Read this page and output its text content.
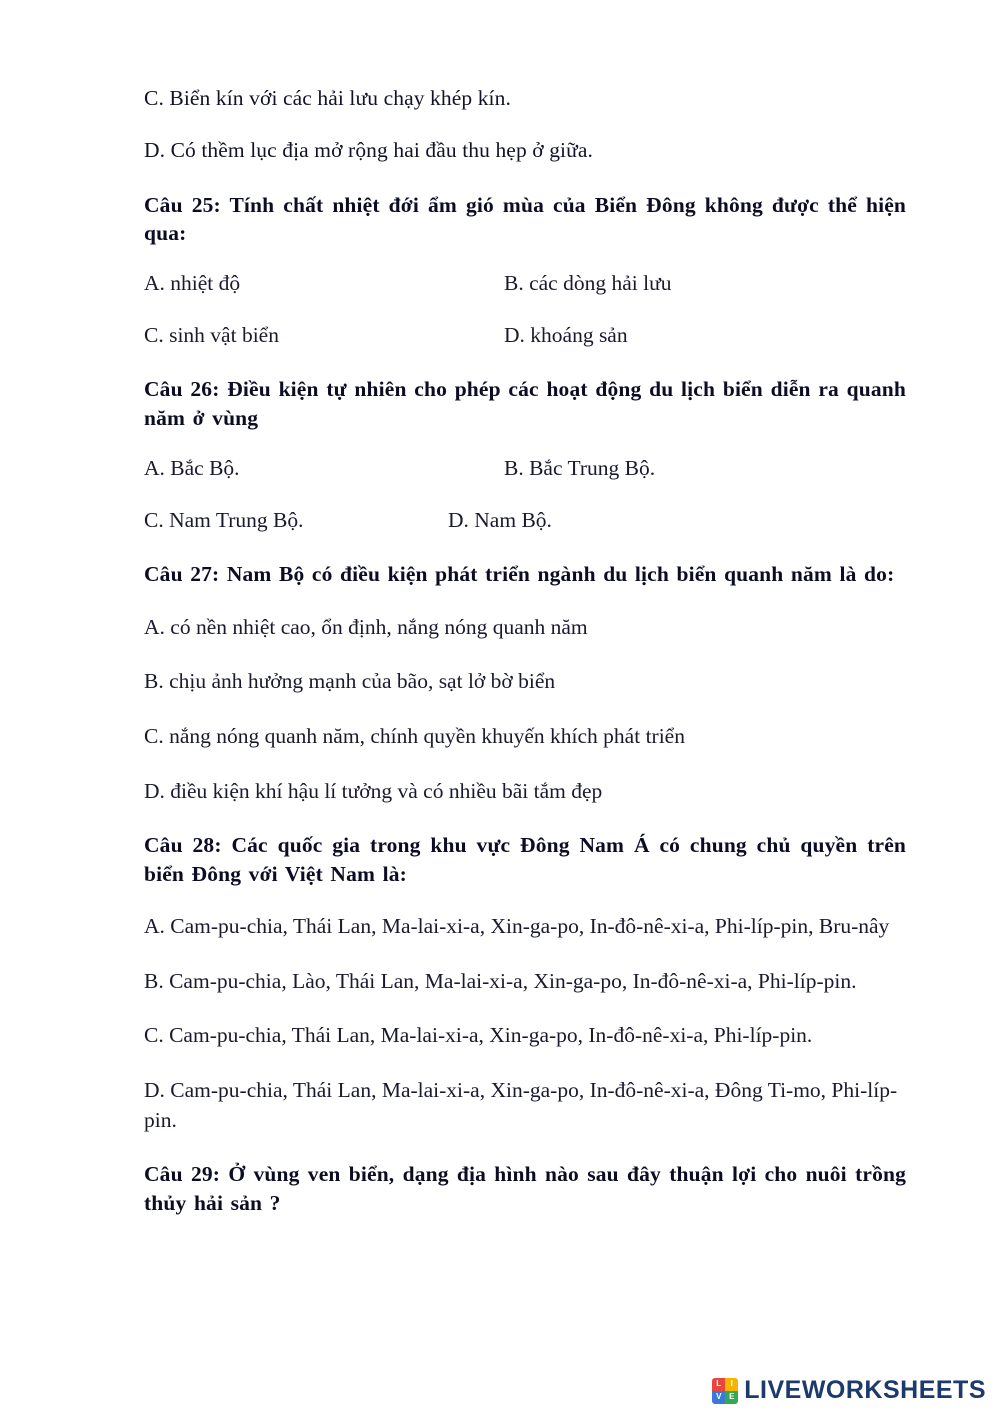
C. Biển kín với các hải lưu chạy khép kín.

D. Có thềm lục địa mở rộng hai đầu thu hẹp ở giữa.

Câu 25: Tính chất nhiệt đới ẩm gió mùa của Biển Đông không được thể hiện qua:

A. nhiệt độ	B. các dòng hải lưu
C. sinh vật biển	D. khoáng sản

Câu 26: Điều kiện tự nhiên cho phép các hoạt động du lịch biển diễn ra quanh năm ở vùng

A. Bắc Bộ.	B. Bắc Trung Bộ.
C. Nam Trung Bộ.	D. Nam Bộ.

Câu 27: Nam Bộ có điều kiện phát triển ngành du lịch biển quanh năm là do:

A. có nền nhiệt cao, ổn định, nắng nóng quanh năm

B. chịu ảnh hưởng mạnh của bão, sạt lở bờ biển

C. nắng nóng quanh năm, chính quyền khuyến khích phát triển

D. điều kiện khí hậu lí tưởng và có nhiều bãi tắm đẹp

Câu 28: Các quốc gia trong khu vực Đông Nam Á có chung chủ quyền trên biển Đông với Việt Nam là:

A. Cam-pu-chia, Thái Lan, Ma-lai-xi-a, Xin-ga-po, In-đô-nê-xi-a, Phi-líp-pin, Bru-nây

B. Cam-pu-chia, Lào, Thái Lan, Ma-lai-xi-a, Xin-ga-po, In-đô-nê-xi-a, Phi-líp-pin.

C. Cam-pu-chia, Thái Lan, Ma-lai-xi-a, Xin-ga-po, In-đô-nê-xi-a, Phi-líp-pin.

D. Cam-pu-chia, Thái Lan, Ma-lai-xi-a, Xin-ga-po, In-đô-nê-xi-a, Đông Ti-mo, Phi-líp-pin.

Câu 29: Ở vùng ven biển, dạng địa hình nào sau đây thuận lợi cho nuôi trồng thủy hải sản ?

L	I
V E LIVEWORKSHEETS
